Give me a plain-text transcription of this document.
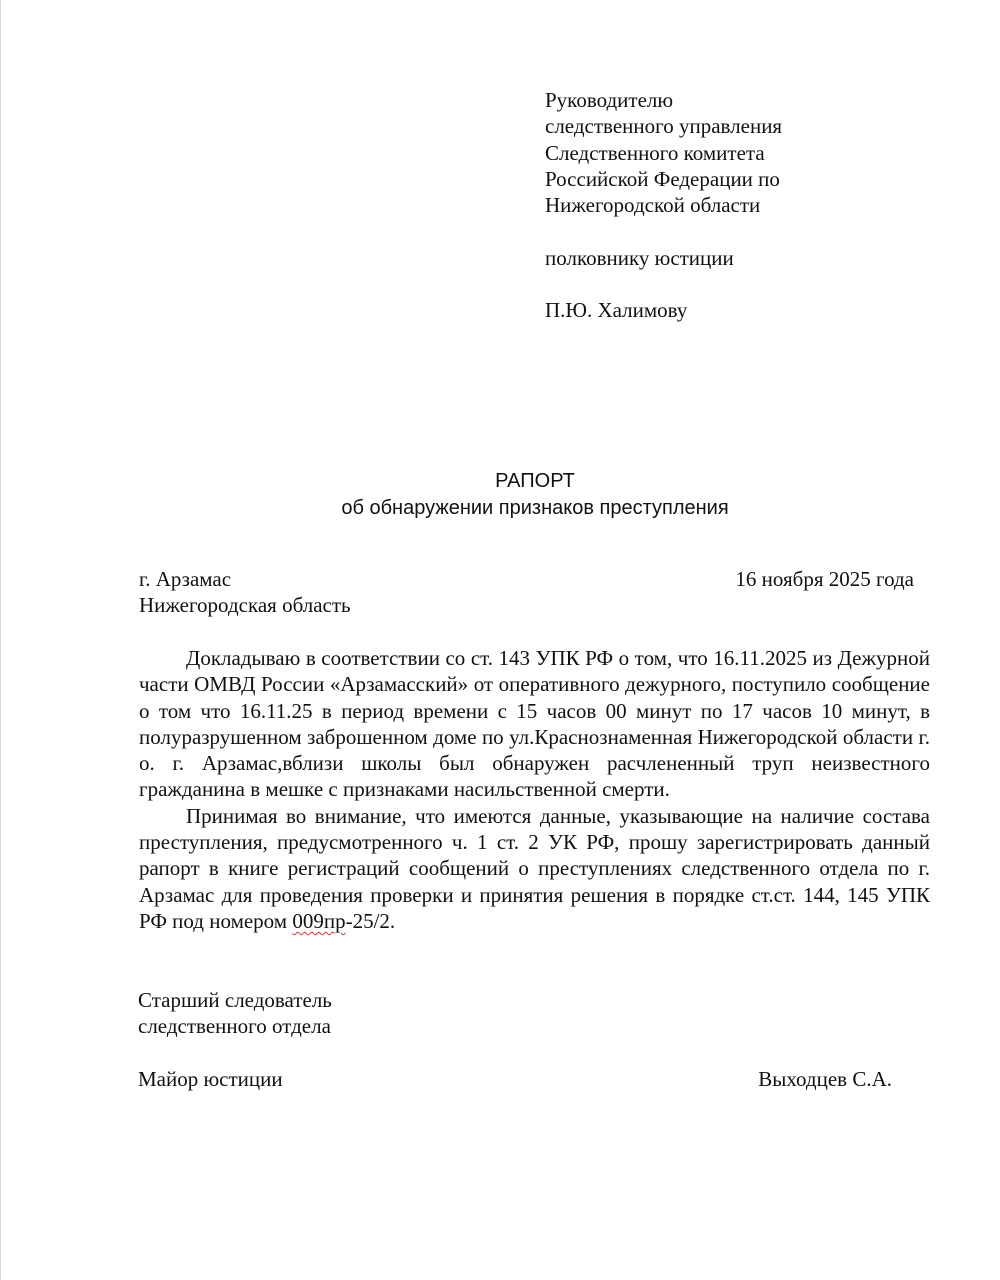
Руководителю
следственного управления
Следственного комитета
Российской Федерации по
Нижегородской области
полковнику юстиции
П.Ю. Халимову
РАПОРТ
об обнаружении признаков преступления
г. Арзамас	16 ноября 2025 года
Нижегородская область

Докладываю в соответствии со ст. 143 УПК РФ о том, что 16.11.2025 из Дежурной части ОМВД России «Арзамасский» от оперативного дежурного, поступило сообщение о том что 16.11.25 в период времени с 15 часов 00 минут по 17 часов 10 минут, в полуразрушенном заброшенном доме по ул.Краснознаменная Нижегородской области г. о. г. Арзамас,вблизи школы был обнаружен расчлененный труп неизвестного гражданина в мешке с признаками насильственной смерти.

Принимая во внимание, что имеются данные, указывающие на наличие состава преступления, предусмотренного ч. 1 ст. 2 УК РФ, прошу зарегистрировать данный рапорт в книге регистраций сообщений о преступлениях следственного отдела по г. Арзамас для проведения проверки и принятия решения в порядке ст.ст. 144, 145 УПК РФ под номером 009пр-25/2.

Старший следователь
следственного отдела
Майор юстиции	Выходцев С.А.
